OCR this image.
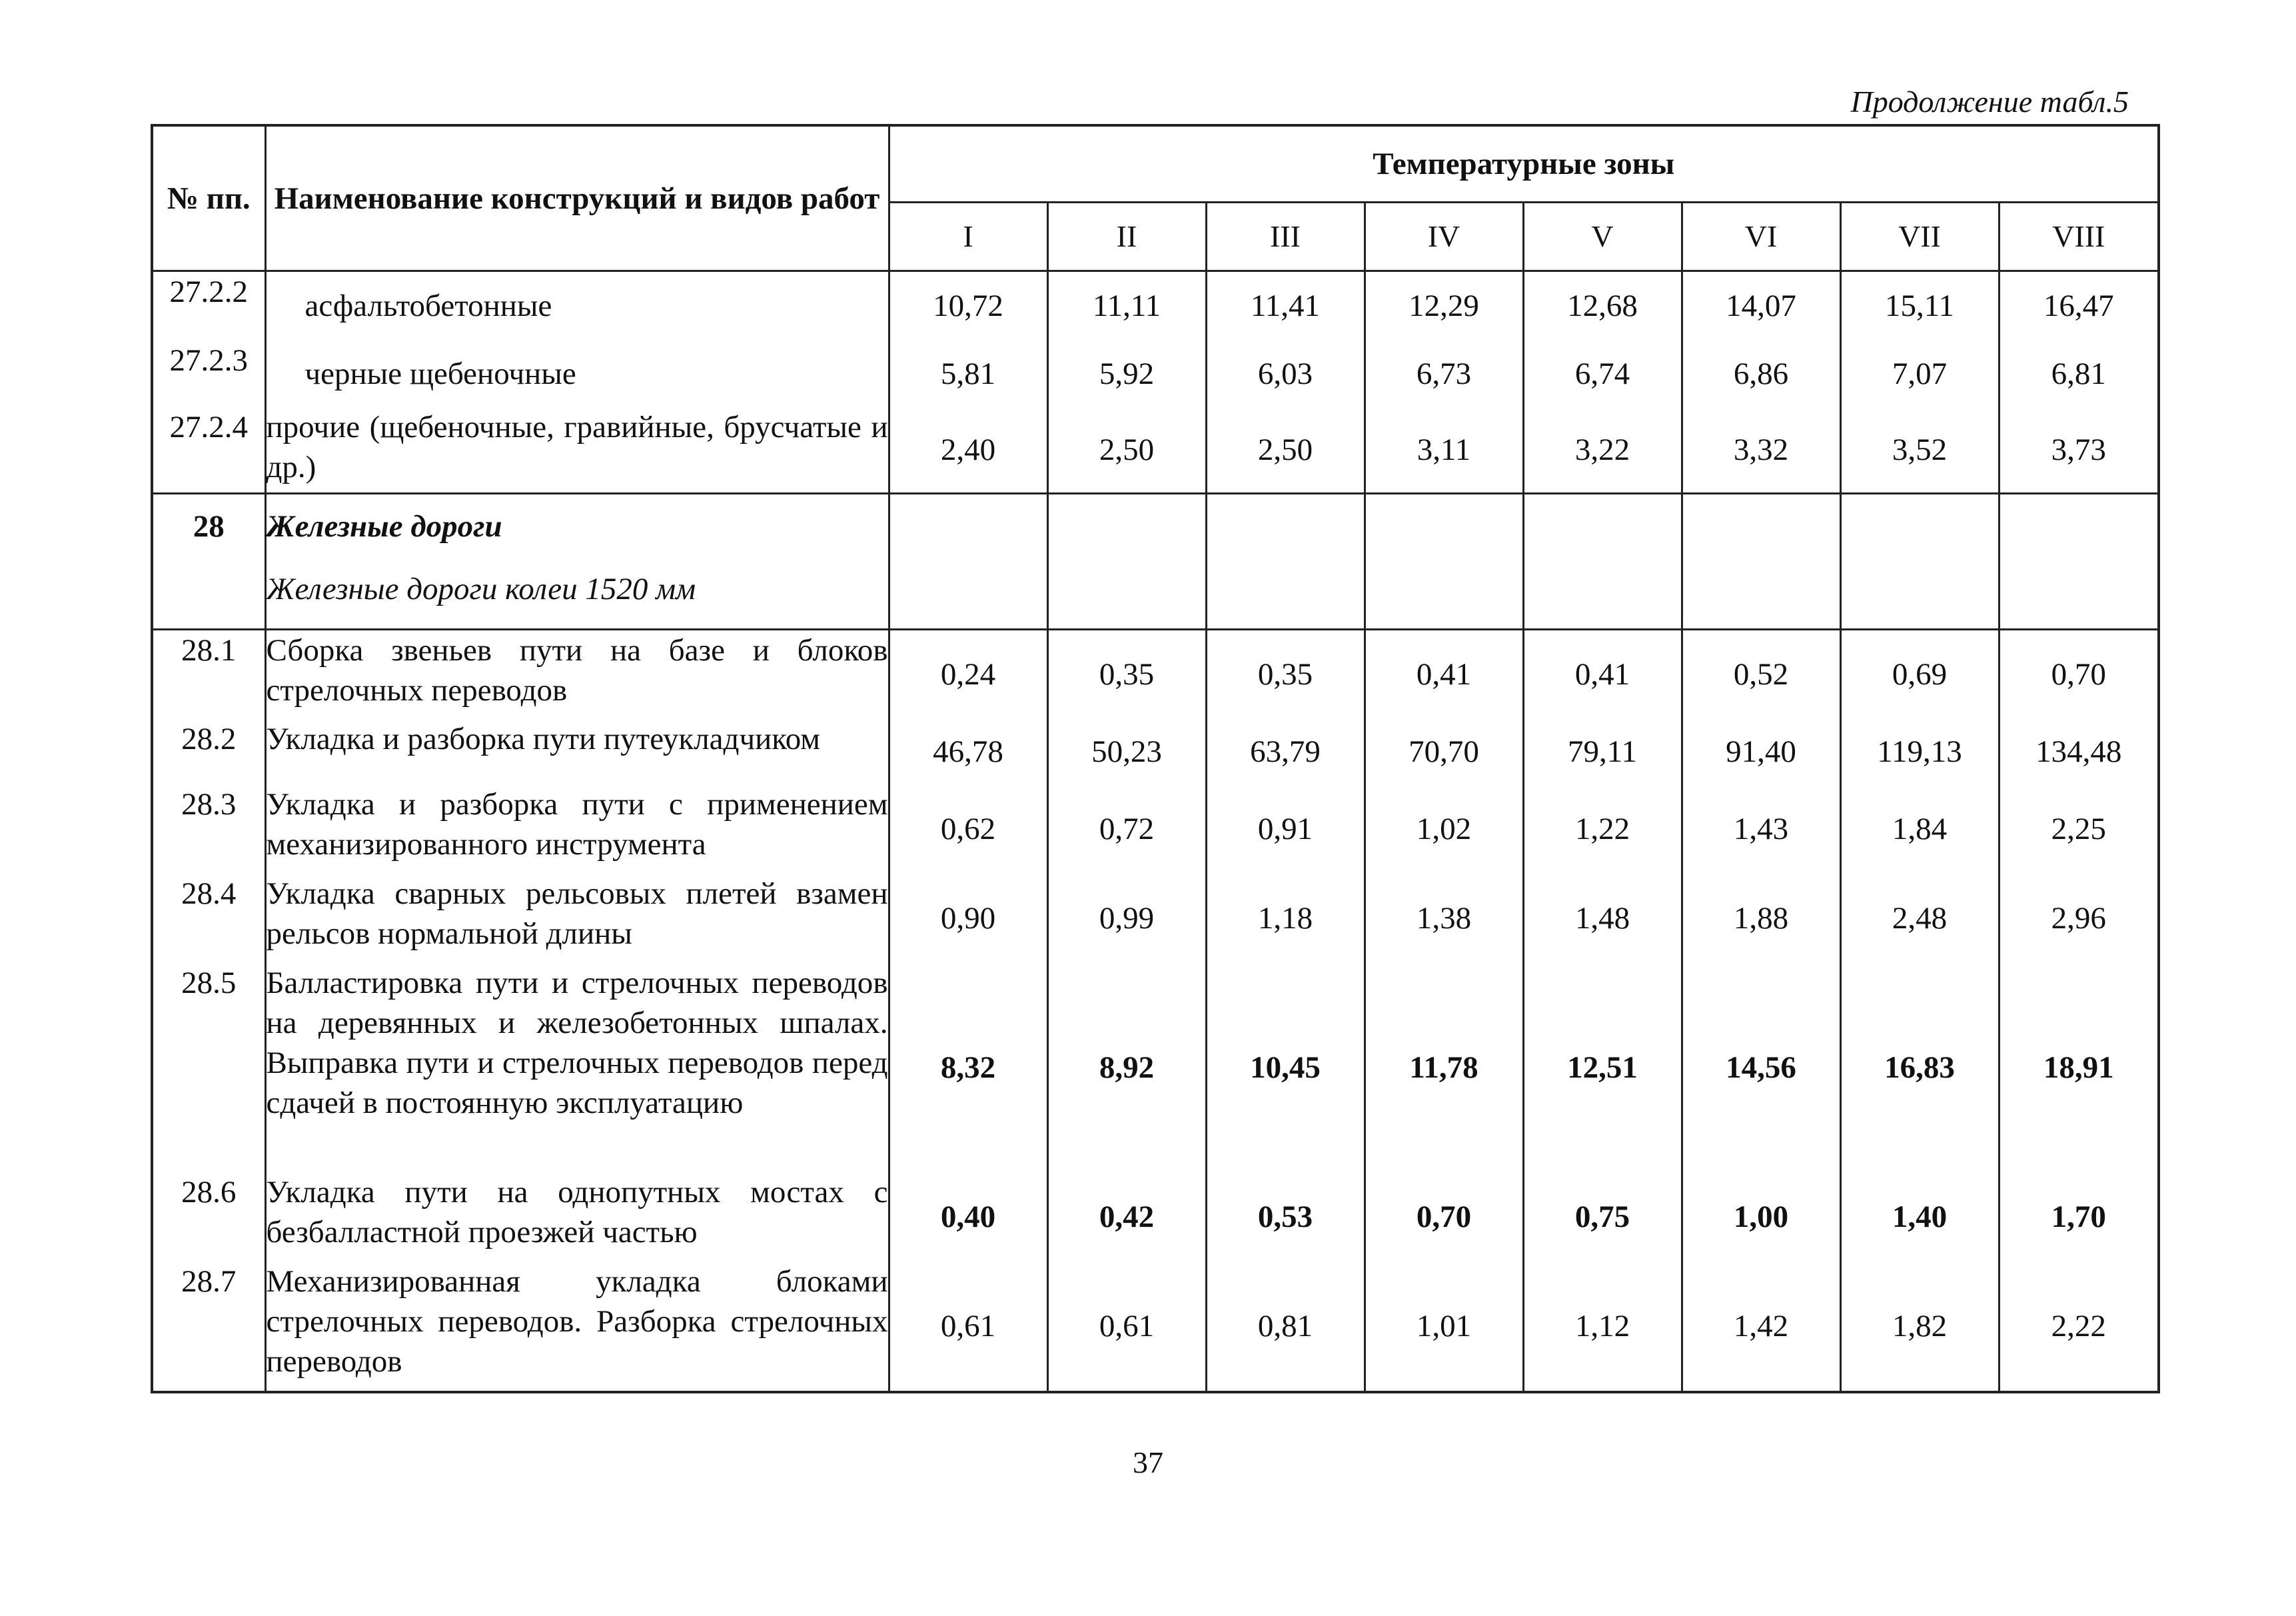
Продолжение табл.5
№ пп.	Наименование конструкций и видов работ	Температурные зоны							
		I	II	III	IV	V	VI	VII	VIII
27.2.2	асфальтобетонные	10,72	11,11	11,41	12,29	12,68	14,07	15,11	16,47
27.2.3	черные щебеночные	5,81	5,92	6,03	6,73	6,74	6,86	7,07	6,81
27.2.4	прочие (щебеночные, гравийные, брусчатые и др.)	2,40	2,50	2,50	3,11	3,22	3,32	3,52	3,73
28	Железные дороги
Железные дороги колеи 1520 мм								

28.1	Сборка звеньев пути на базе и блоков стрелочных переводов	0,24	0,35	0,35	0,41	0,41	0,52	0,69	0,70
28.2	Укладка и разборка пути путеукладчиком	46,78	50,23	63,79	70,70	79,11	91,40	119,13	134,48
28.3	Укладка и разборка пути с применением механизированного инструмента	0,62	0,72	0,91	1,02	1,22	1,43	1,84	2,25
28.4	Укладка сварных рельсовых плетей взамен рельсов нормальной длины	0,90	0,99	1,18	1,38	1,48	1,88	2,48	2,96
28.5	Балластировка пути и стрелочных переводов на деревянных и железобетонных шпалах. Выправка пути и стрелочных переводов перед сдачей в постоянную эксплуатацию	8,32	8,92	10,45	11,78	12,51	14,56	16,83	18,91
28.6	Укладка пути на однопутных мостах с безбалластной проезжей частью	0,40	0,42	0,53	0,70	0,75	1,00	1,40	1,70
28.7	Механизированная укладка блоками стрелочных переводов. Разборка стрелочных переводов	0,61	0,61	0,81	1,01	1,12	1,42	1,82	2,22
37
